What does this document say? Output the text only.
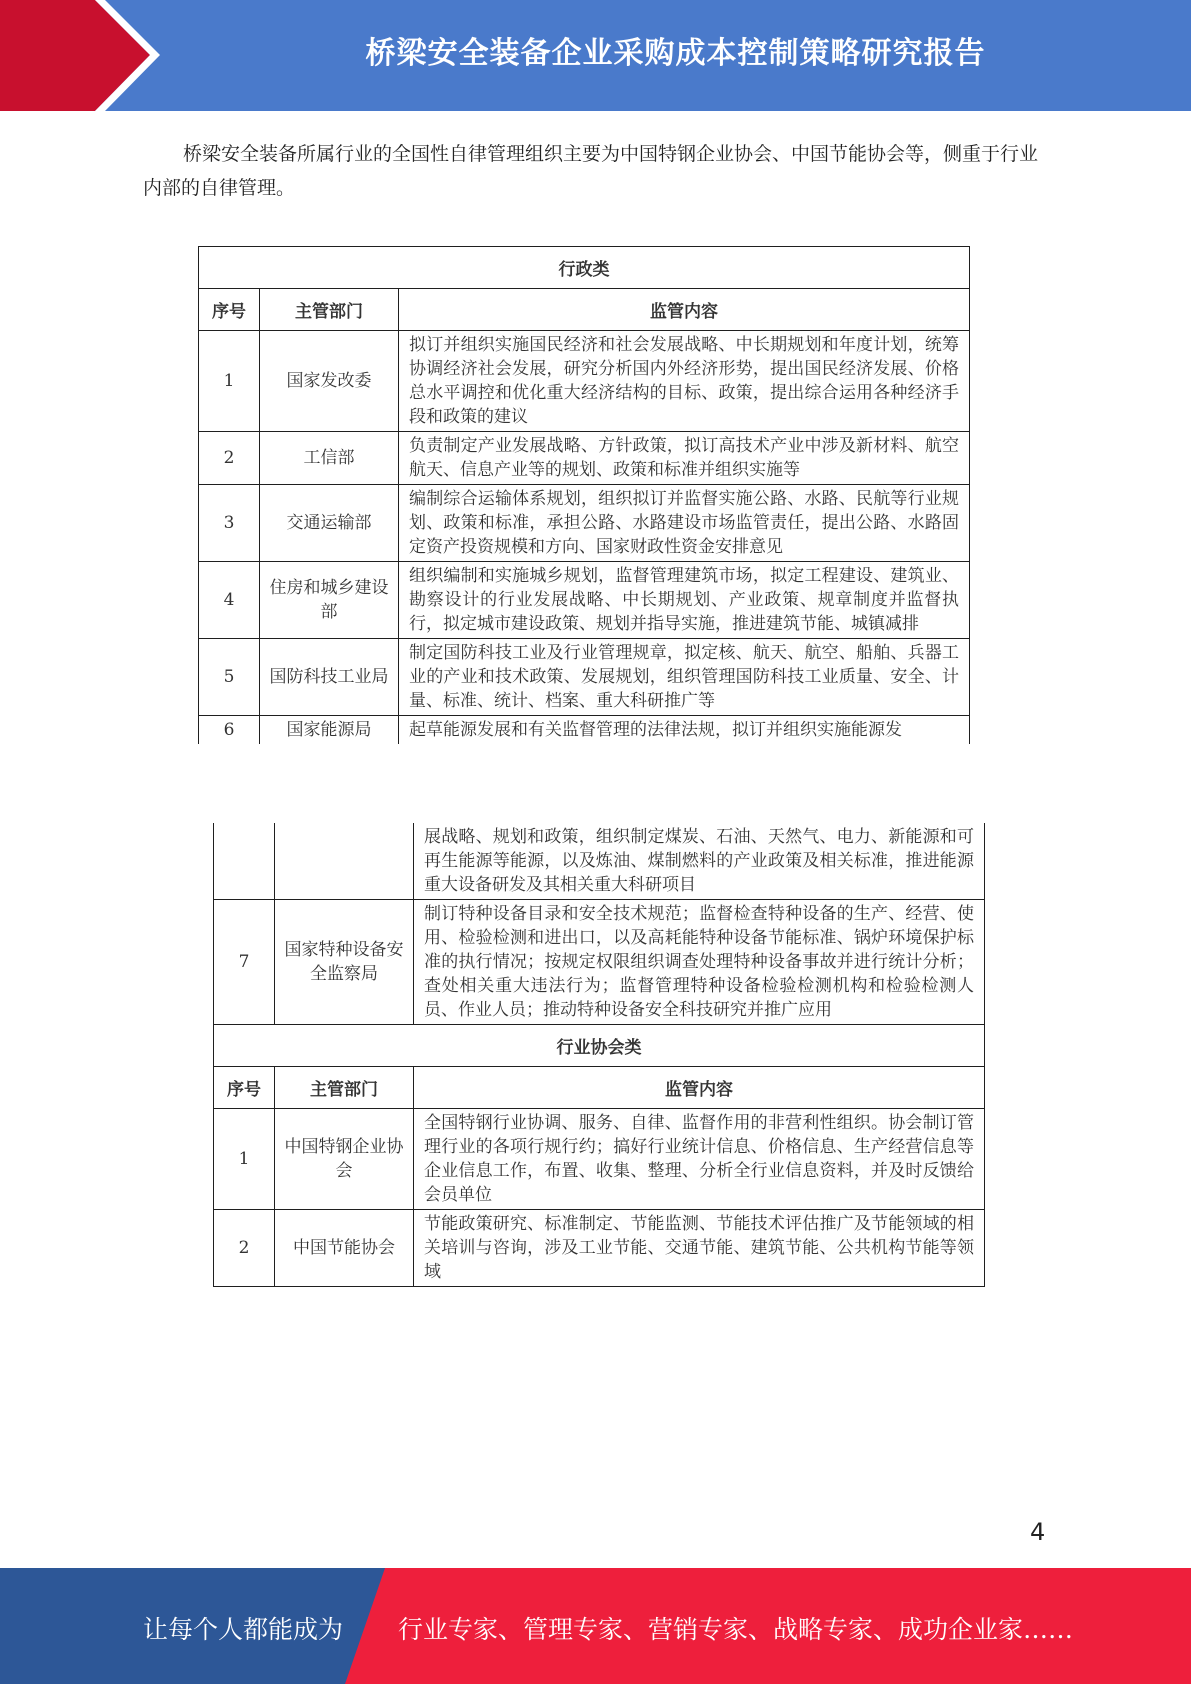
桥梁安全装备企业采购成本控制策略研究报告

桥梁安全装备所属行业的全国性自律管理组织主要为中国特钢企业协会、中国节能协会等，侧重于行业内部的自律管理。

行政类		
序号	主管部门	监管内容
1	国家发改委	拟订并组织实施国民经济和社会发展战略、中长期规划和年度计划，统筹协调经济社会发展，研究分析国内外经济形势，提出国民经济发展、价格总水平调控和优化重大经济结构的目标、政策，提出综合运用各种经济手段和政策的建议
2	工信部	负责制定产业发展战略、方针政策，拟订高技术产业中涉及新材料、航空航天、信息产业等的规划、政策和标准并组织实施等
3	交通运输部	编制综合运输体系规划，组织拟订并监督实施公路、水路、民航等行业规划、政策和标准，承担公路、水路建设市场监管责任，提出公路、水路固定资产投资规模和方向、国家财政性资金安排意见
4	住房和城乡建设部	组织编制和实施城乡规划，监督管理建筑市场，拟定工程建设、建筑业、勘察设计的行业发展战略、中长期规划、产业政策、规章制度并监督执行，拟定城市建设政策、规划并指导实施，推进建筑节能、城镇减排
5	国防科技工业局	制定国防科技工业及行业管理规章，拟定核、航天、航空、船舶、兵器工业的产业和技术政策、发展规划，组织管理国防科技工业质量、安全、计量、标准、统计、档案、重大科研推广等
6	国家能源局	起草能源发展和有关监督管理的法律法规，拟订并组织实施能源发
		展战略、规划和政策，组织制定煤炭、石油、天然气、电力、新能源和可再生能源等能源，以及炼油、煤制燃料的产业政策及相关标准，推进能源重大设备研发及其相关重大科研项目
7	国家特种设备安全监察局	制订特种设备目录和安全技术规范；监督检查特种设备的生产、经营、使用、检验检测和进出口，以及高耗能特种设备节能标准、锅炉环境保护标准的执行情况；按规定权限组织调查处理特种设备事故并进行统计分析；查处相关重大违法行为；监督管理特种设备检验检测机构和检验检测人员、作业人员；推动特种设备安全科技研究并推广应用
行业协会类		
序号	主管部门	监管内容
1	中国特钢企业协会	全国特钢行业协调、服务、自律、监督作用的非营利性组织。协会制订管理行业的各项行规行约；搞好行业统计信息、价格信息、生产经营信息等企业信息工作，布置、收集、整理、分析全行业信息资料，并及时反馈给会员单位
2	中国节能协会	节能政策研究、标准制定、节能监测、节能技术评估推广及节能领域的相关培训与咨询，涉及工业节能、交通节能、建筑节能、公共机构节能等领域
4
让每个人都能成为 行业专家、管理专家、营销专家、战略专家、成功企业家……
